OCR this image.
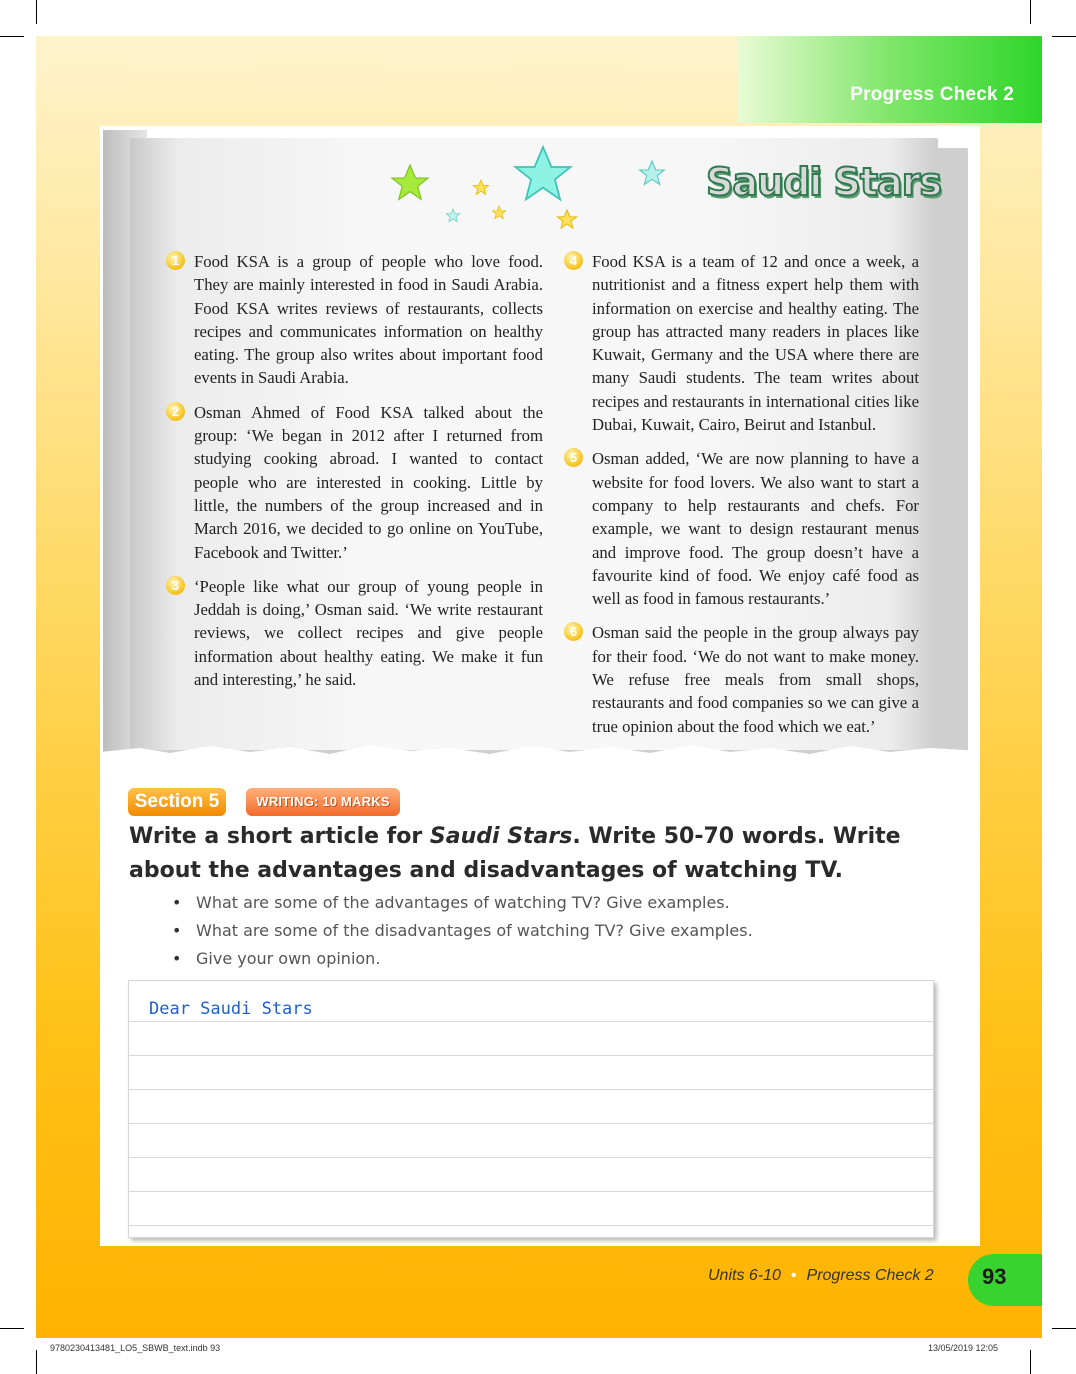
Progress Check 2
Saudi Stars
1 Food KSA is a group of people who love food. They are mainly interested in food in Saudi Arabia. Food KSA writes reviews of restaurants, collects recipes and communicates information on healthy eating. The group also writes about important food events in Saudi Arabia.
2 Osman Ahmed of Food KSA talked about the group: ‘We began in 2012 after I returned from studying cooking abroad. I wanted to contact people who are interested in cooking. Little by little, the numbers of the group increased and in March 2016, we decided to go online on YouTube, Facebook and Twitter.’
3 ‘People like what our group of young people in Jeddah is doing,’ Osman said. ‘We write restaurant reviews, we collect recipes and give people information about healthy eating. We make it fun and interesting,’ he said.
4 Food KSA is a team of 12 and once a week, a nutritionist and a fitness expert help them with information on exercise and healthy eating. The group has attracted many readers in places like Kuwait, Germany and the USA where there are many Saudi students. The team writes about recipes and restaurants in international cities like Dubai, Kuwait, Cairo, Beirut and Istanbul.
5 Osman added, ‘We are now planning to have a website for food lovers. We also want to start a company to help restaurants and chefs. For example, we want to design restaurant menus and improve food. The group doesn’t have a favourite kind of food. We enjoy café food as well as food in famous restaurants.’
6 Osman said the people in the group always pay for their food. ‘We do not want to make money. We refuse free meals from small shops, restaurants and food companies so we can give a true opinion about the food which we eat.’
Section 5	WRITING: 10 MARKS
Write a short article for Saudi Stars. Write 50-70 words. Write about the advantages and disadvantages of watching TV.
• What are some of the advantages of watching TV? Give examples.
• What are some of the disadvantages of watching TV? Give examples.
• Give your own opinion.
Dear Saudi Stars
Units 6-10 • Progress Check 2 93
9780230413481_LO5_SBWB_text.indb 93	13/05/2019 12:05
